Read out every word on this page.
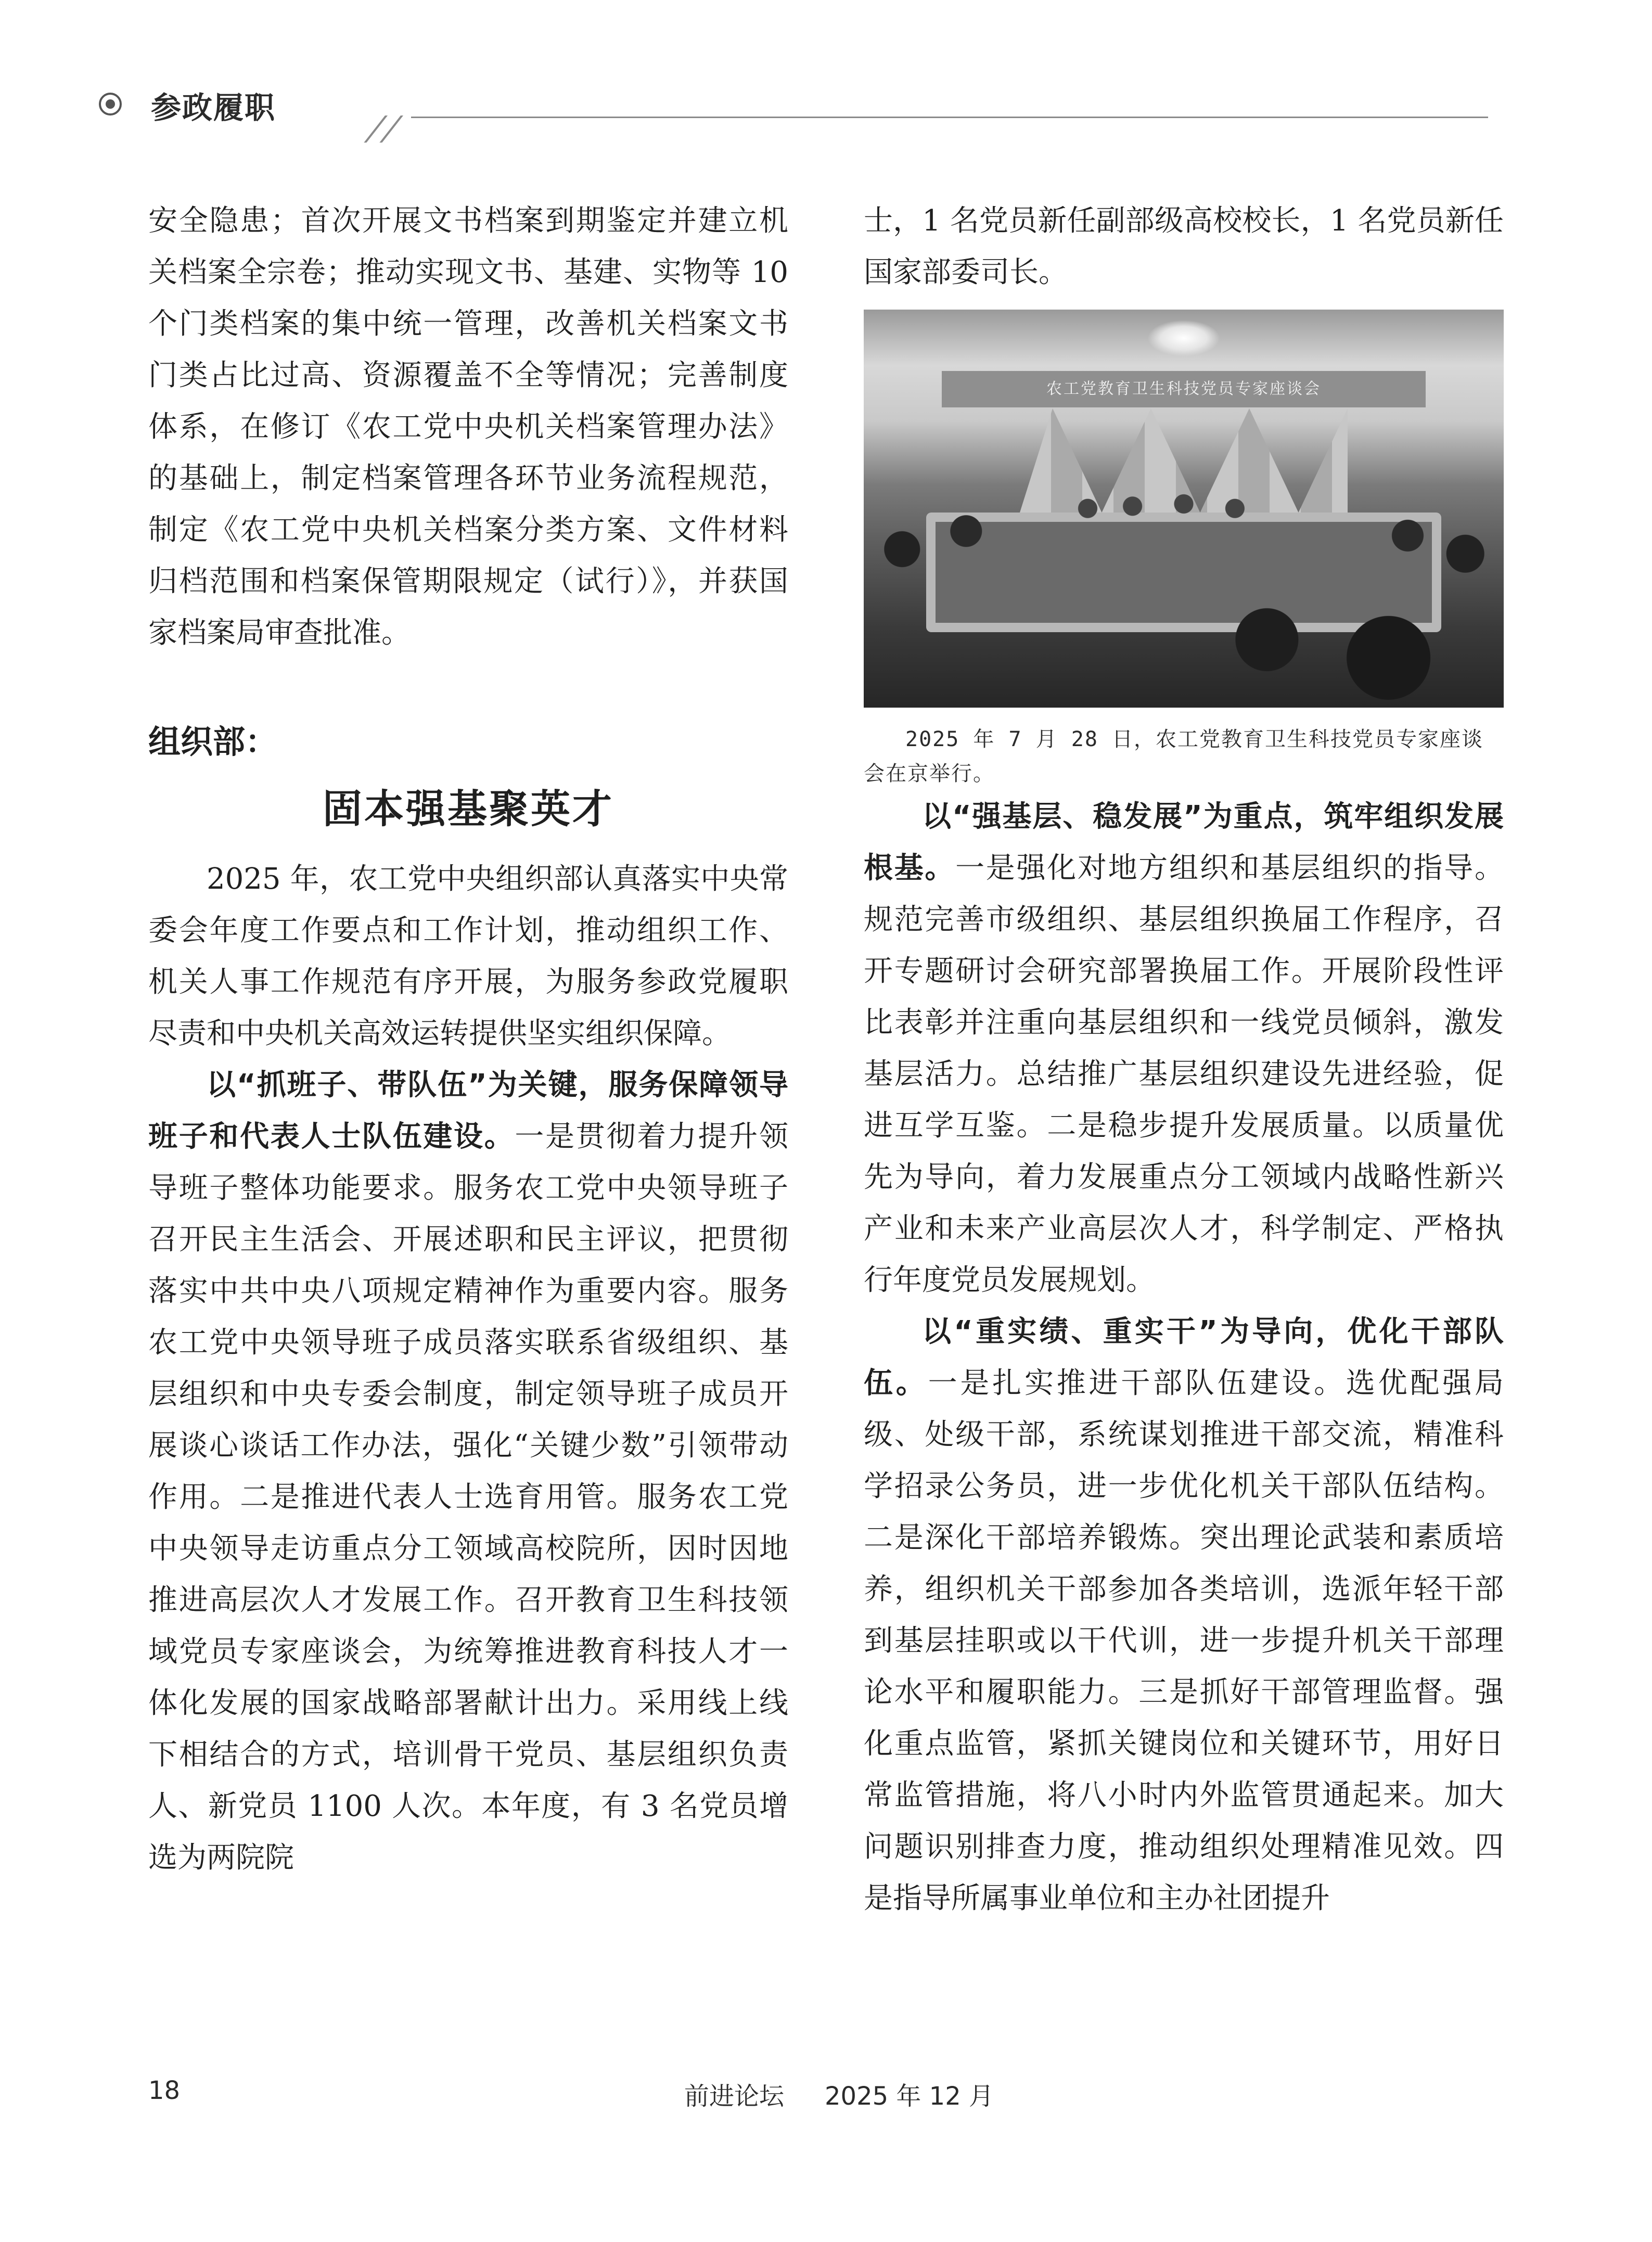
参政履职

安全隐患；首次开展文书档案到期鉴定并建立机关档案全宗卷；推动实现文书、基建、实物等 10 个门类档案的集中统一管理，改善机关档案文书门类占比过高、资源覆盖不全等情况；完善制度体系，在修订《农工党中央机关档案管理办法》的基础上，制定档案管理各环节业务流程规范，制定《农工党中央机关档案分类方案、文件材料归档范围和档案保管期限规定（试行）》，并获国家档案局审查批准。

组织部：
固本强基聚英才

2025 年，农工党中央组织部认真落实中央常委会年度工作要点和工作计划，推动组织工作、机关人事工作规范有序开展，为服务参政党履职尽责和中央机关高效运转提供坚实组织保障。

以“抓班子、带队伍”为关键，服务保障领导班子和代表人士队伍建设。一是贯彻着力提升领导班子整体功能要求。服务农工党中央领导班子召开民主生活会、开展述职和民主评议，把贯彻落实中共中央八项规定精神作为重要内容。服务农工党中央领导班子成员落实联系省级组织、基层组织和中央专委会制度，制定领导班子成员开展谈心谈话工作办法，强化“关键少数”引领带动作用。二是推进代表人士选育用管。服务农工党中央领导走访重点分工领域高校院所，因时因地推进高层次人才发展工作。召开教育卫生科技领域党员专家座谈会，为统筹推进教育科技人才一体化发展的国家战略部署献计出力。采用线上线下相结合的方式，培训骨干党员、基层组织负责人、新党员 1100 人次。本年度，有 3 名党员增选为两院院

士，1 名党员新任副部级高校校长，1 名党员新任国家部委司长。

农工党教育卫生科技党员专家座谈会
2025 年 7 月 28 日，农工党教育卫生科技党员专家座谈会在京举行。

以“强基层、稳发展”为重点，筑牢组织发展根基。一是强化对地方组织和基层组织的指导。规范完善市级组织、基层组织换届工作程序，召开专题研讨会研究部署换届工作。开展阶段性评比表彰并注重向基层组织和一线党员倾斜，激发基层活力。总结推广基层组织建设先进经验，促进互学互鉴。二是稳步提升发展质量。以质量优先为导向，着力发展重点分工领域内战略性新兴产业和未来产业高层次人才，科学制定、严格执行年度党员发展规划。

以“重实绩、重实干”为导向，优化干部队伍。一是扎实推进干部队伍建设。选优配强局级、处级干部，系统谋划推进干部交流，精准科学招录公务员，进一步优化机关干部队伍结构。二是深化干部培养锻炼。突出理论武装和素质培养，组织机关干部参加各类培训，选派年轻干部到基层挂职或以干代训，进一步提升机关干部理论水平和履职能力。三是抓好干部管理监督。强化重点监管，紧抓关键岗位和关键环节，用好日常监管措施，将八小时内外监管贯通起来。加大问题识别排查力度，推动组织处理精准见效。四是指导所属事业单位和主办社团提升

18	前进论坛 2025 年 12 月
